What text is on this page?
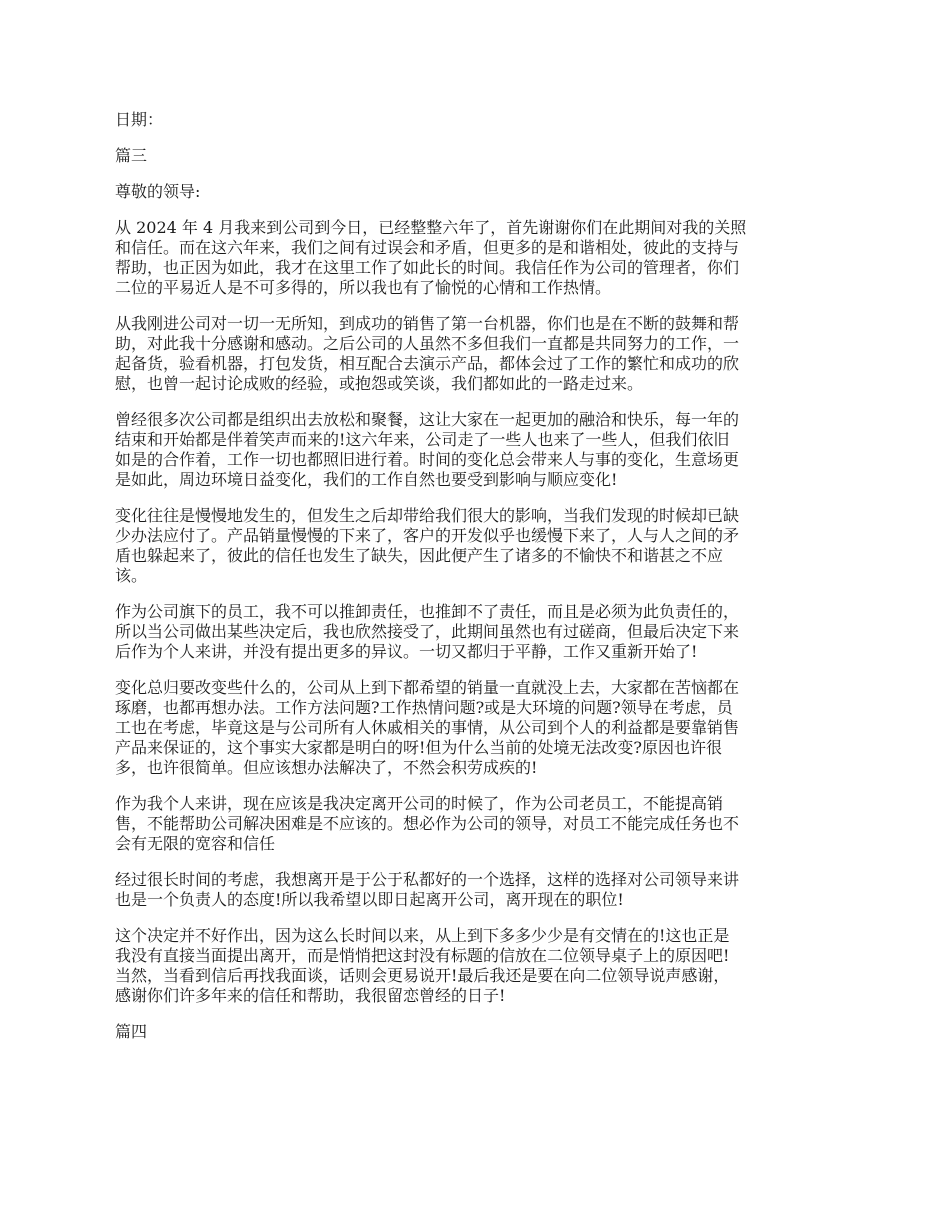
日期：
篇三
尊敬的领导:
从 2024 年 4 月我来到公司到今日，已经整整六年了，首先谢谢你们在此期间对我的关照
和信任。而在这六年来，我们之间有过误会和矛盾，但更多的是和谐相处，彼此的支持与
帮助，也正因为如此，我才在这里工作了如此长的时间。我信任作为公司的管理者，你们
二位的平易近人是不可多得的，所以我也有了愉悦的心情和工作热情。
从我刚进公司对一切一无所知，到成功的销售了第一台机器，你们也是在不断的鼓舞和帮
助，对此我十分感谢和感动。之后公司的人虽然不多但我们一直都是共同努力的工作，一
起备货，验看机器，打包发货，相互配合去演示产品，都体会过了工作的繁忙和成功的欣
慰，也曾一起讨论成败的经验，或抱怨或笑谈，我们都如此的一路走过来。
曾经很多次公司都是组织出去放松和聚餐，这让大家在一起更加的融洽和快乐，每一年的
结束和开始都是伴着笑声而来的!这六年来，公司走了一些人也来了一些人，但我们依旧
如是的合作着，工作一切也都照旧进行着。时间的变化总会带来人与事的变化，生意场更
是如此，周边环境日益变化，我们的工作自然也要受到影响与顺应变化!
变化往往是慢慢地发生的，但发生之后却带给我们很大的影响，当我们发现的时候却已缺
少办法应付了。产品销量慢慢的下来了，客户的开发似乎也缓慢下来了，人与人之间的矛
盾也躲起来了，彼此的信任也发生了缺失，因此便产生了诸多的不愉快不和谐甚之不应
该。
作为公司旗下的员工，我不可以推卸责任，也推卸不了责任，而且是必须为此负责任的，
所以当公司做出某些决定后，我也欣然接受了，此期间虽然也有过磋商，但最后决定下来
后作为个人来讲，并没有提出更多的异议。一切又都归于平静，工作又重新开始了!
变化总归要改变些什么的，公司从上到下都希望的销量一直就没上去，大家都在苦恼都在
琢磨，也都再想办法。工作方法问题?工作热情问题?或是大环境的问题?领导在考虑，员
工也在考虑，毕竟这是与公司所有人休戚相关的事情，从公司到个人的利益都是要靠销售
产品来保证的，这个事实大家都是明白的呀!但为什么当前的处境无法改变?原因也许很
多，也许很简单。但应该想办法解决了，不然会积劳成疾的!
作为我个人来讲，现在应该是我决定离开公司的时候了，作为公司老员工，不能提高销
售，不能帮助公司解决困难是不应该的。想必作为公司的领导，对员工不能完成任务也不
会有无限的宽容和信任
经过很长时间的考虑，我想离开是于公于私都好的一个选择，这样的选择对公司领导来讲
也是一个负责人的态度!所以我希望以即日起离开公司，离开现在的职位!
这个决定并不好作出，因为这么长时间以来，从上到下多多少少是有交情在的!这也正是
我没有直接当面提出离开，而是悄悄把这封没有标题的信放在二位领导桌子上的原因吧!
当然，当看到信后再找我面谈，话则会更易说开!最后我还是要在向二位领导说声感谢，
感谢你们许多年来的信任和帮助，我很留恋曾经的日子!
篇四
